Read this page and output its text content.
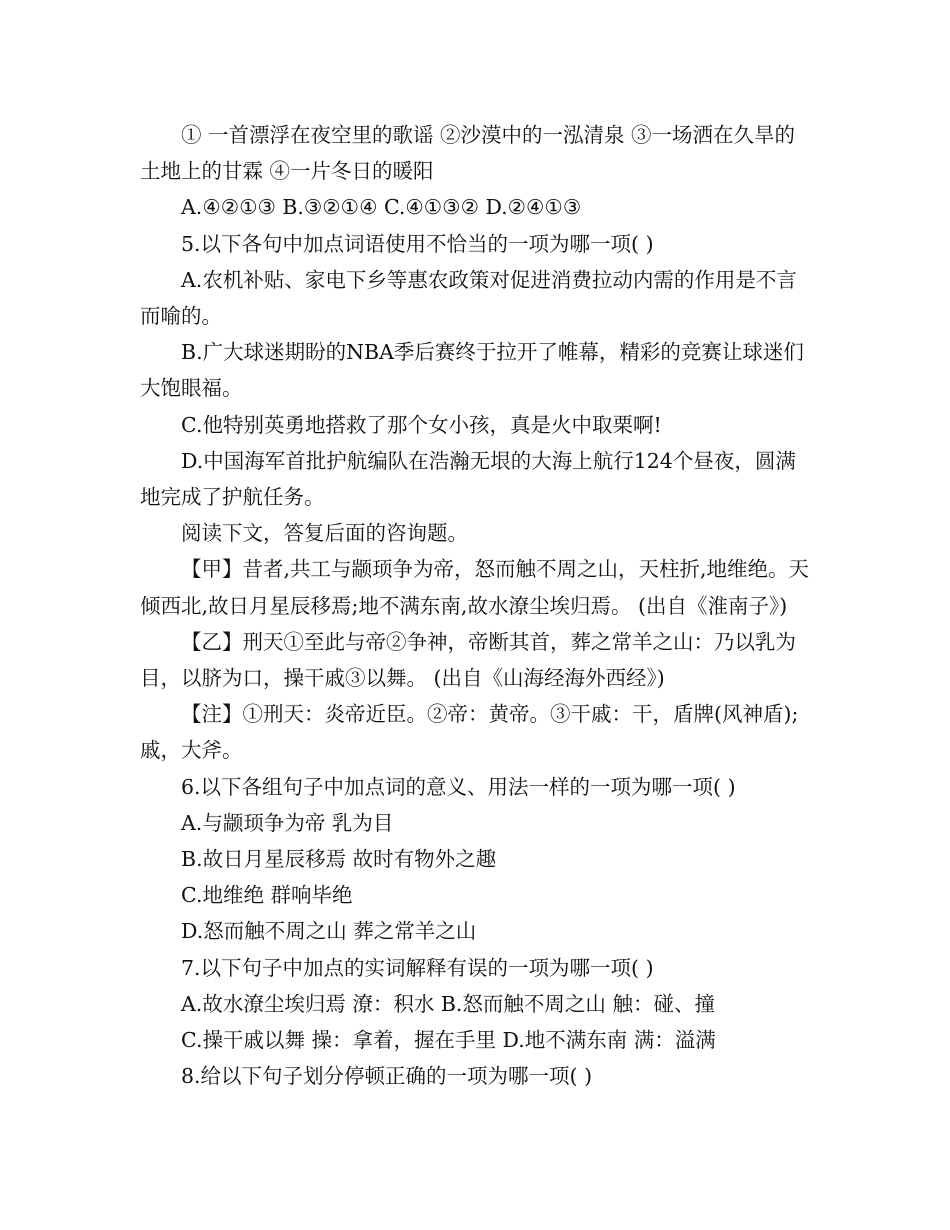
① 一首漂浮在夜空里的歌谣 ②沙漠中的一泓清泉 ③一场洒在久旱的土地上的甘霖 ④一片冬日的暖阳

A.④②①③ B.③②①④ C.④①③② D.②④①③

5.以下各句中加点词语使用不恰当的一项为哪一项( )

A.农机补贴、家电下乡等惠农政策对促进消费拉动内需的作用是不言而喻的。

B.广大球迷期盼的NBA季后赛终于拉开了帷幕，精彩的竞赛让球迷们大饱眼福。

C.他特别英勇地搭救了那个女小孩，真是火中取栗啊!

D.中国海军首批护航编队在浩瀚无垠的大海上航行124个昼夜，圆满地完成了护航任务。

阅读下文，答复后面的咨询题。

【甲】昔者,共工与颛顼争为帝，怒而触不周之山，天柱折,地维绝。天倾西北,故日月星辰移焉;地不满东南,故水潦尘埃归焉。 (出自《淮南子》)

【乙】刑天①至此与帝②争神，帝断其首，葬之常羊之山：乃以乳为目，以脐为口，操干戚③以舞。 (出自《山海经海外西经》)

【注】①刑天：炎帝近臣。②帝：黄帝。③干戚：干，盾牌(风神盾);戚，大斧。

6.以下各组句子中加点词的意义、用法一样的一项为哪一项( )

A.与颛顼争为帝 乳为目

B.故日月星辰移焉 故时有物外之趣

C.地维绝 群响毕绝

D.怒而触不周之山 葬之常羊之山

7.以下句子中加点的实词解释有误的一项为哪一项( )

A.故水潦尘埃归焉 潦：积水 B.怒而触不周之山 触：碰、撞

C.操干戚以舞 操：拿着，握在手里 D.地不满东南 满：溢满

8.给以下句子划分停顿正确的一项为哪一项( )
